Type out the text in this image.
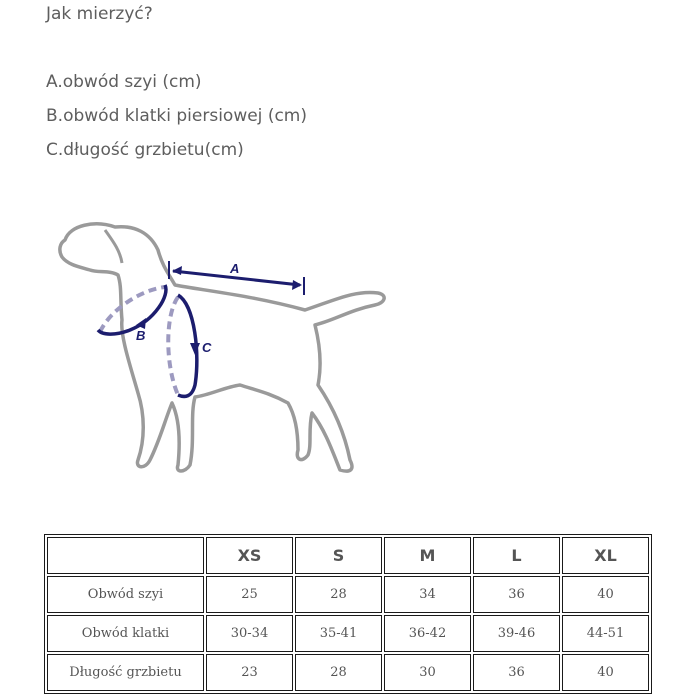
Jak mierzyć?
A.obwód szyi (cm)
B.obwód klatki piersiowej (cm)
C.długość grzbietu(cm)
A
B
C
	XS	S	M	L	XL
Obwód szyi	25	28	34	36	40
Obwód klatki	30-34	35-41	36-42	39-46	44-51
Długość grzbietu	23	28	30	36	40
